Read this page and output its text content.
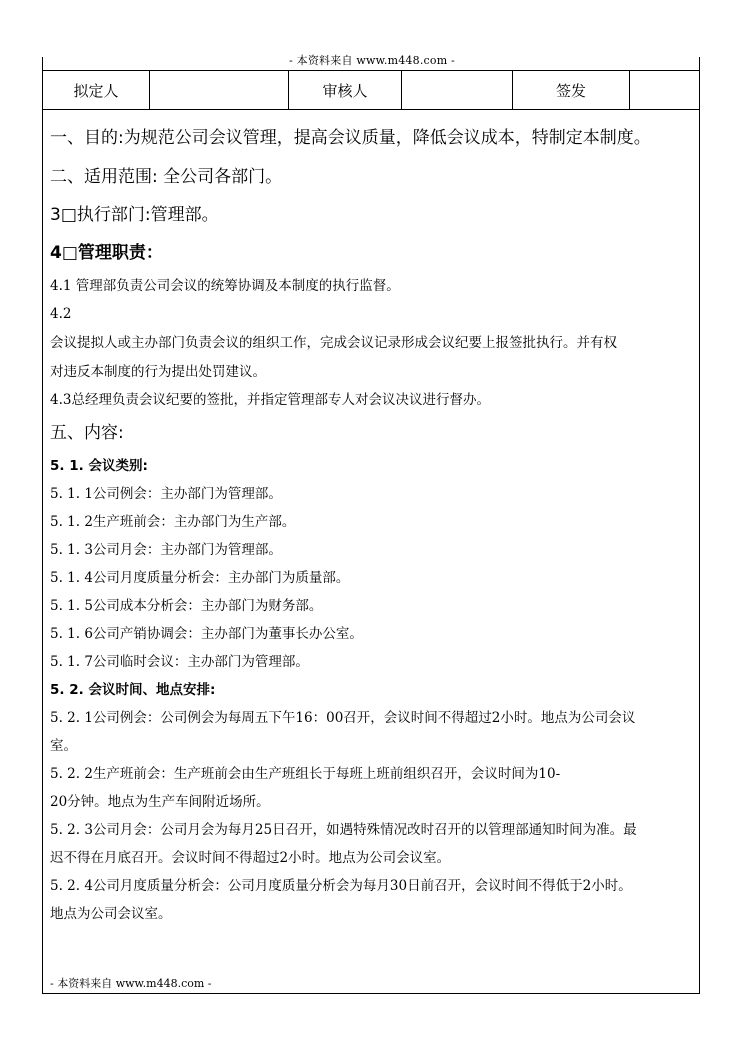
- 本资料来自 www.m448.com -
拟定人		审核人		签发	

一、目的:为规范公司会议管理，提高会议质量，降低会议成本，特制定本制度。

二、适用范围: 全公司各部门。

3□执行部门:管理部。

4□管理职责：

4.1 管理部负责公司会议的统筹协调及本制度的执行监督。

4.2

会议提拟人或主办部门负责会议的组织工作，完成会议记录形成会议纪要上报签批执行。并有权

对违反本制度的行为提出处罚建议。

4.3总经理负责会议纪要的签批，并指定管理部专人对会议决议进行督办。

五、内容:

5. 1. 会议类别:

5. 1. 1公司例会：主办部门为管理部。

5. 1. 2生产班前会：主办部门为生产部。

5. 1. 3公司月会：主办部门为管理部。

5. 1. 4公司月度质量分析会：主办部门为质量部。

5. 1. 5公司成本分析会：主办部门为财务部。

5. 1. 6公司产销协调会：主办部门为董事长办公室。

5. 1. 7公司临时会议：主办部门为管理部。

5. 2. 会议时间、地点安排:

5. 2. 1公司例会：公司例会为每周五下午16：00召开，会议时间不得超过2小时。地点为公司会议

室。

5. 2. 2生产班前会：生产班前会由生产班组长于每班上班前组织召开，会议时间为10-

20分钟。地点为生产车间附近场所。

5. 2. 3公司月会：公司月会为每月25日召开，如遇特殊情况改时召开的以管理部通知时间为准。最

迟不得在月底召开。会议时间不得超过2小时。地点为公司会议室。

5. 2. 4公司月度质量分析会：公司月度质量分析会为每月30日前召开，会议时间不得低于2小时。

地点为公司会议室。

- 本资料来自 www.m448.com -
